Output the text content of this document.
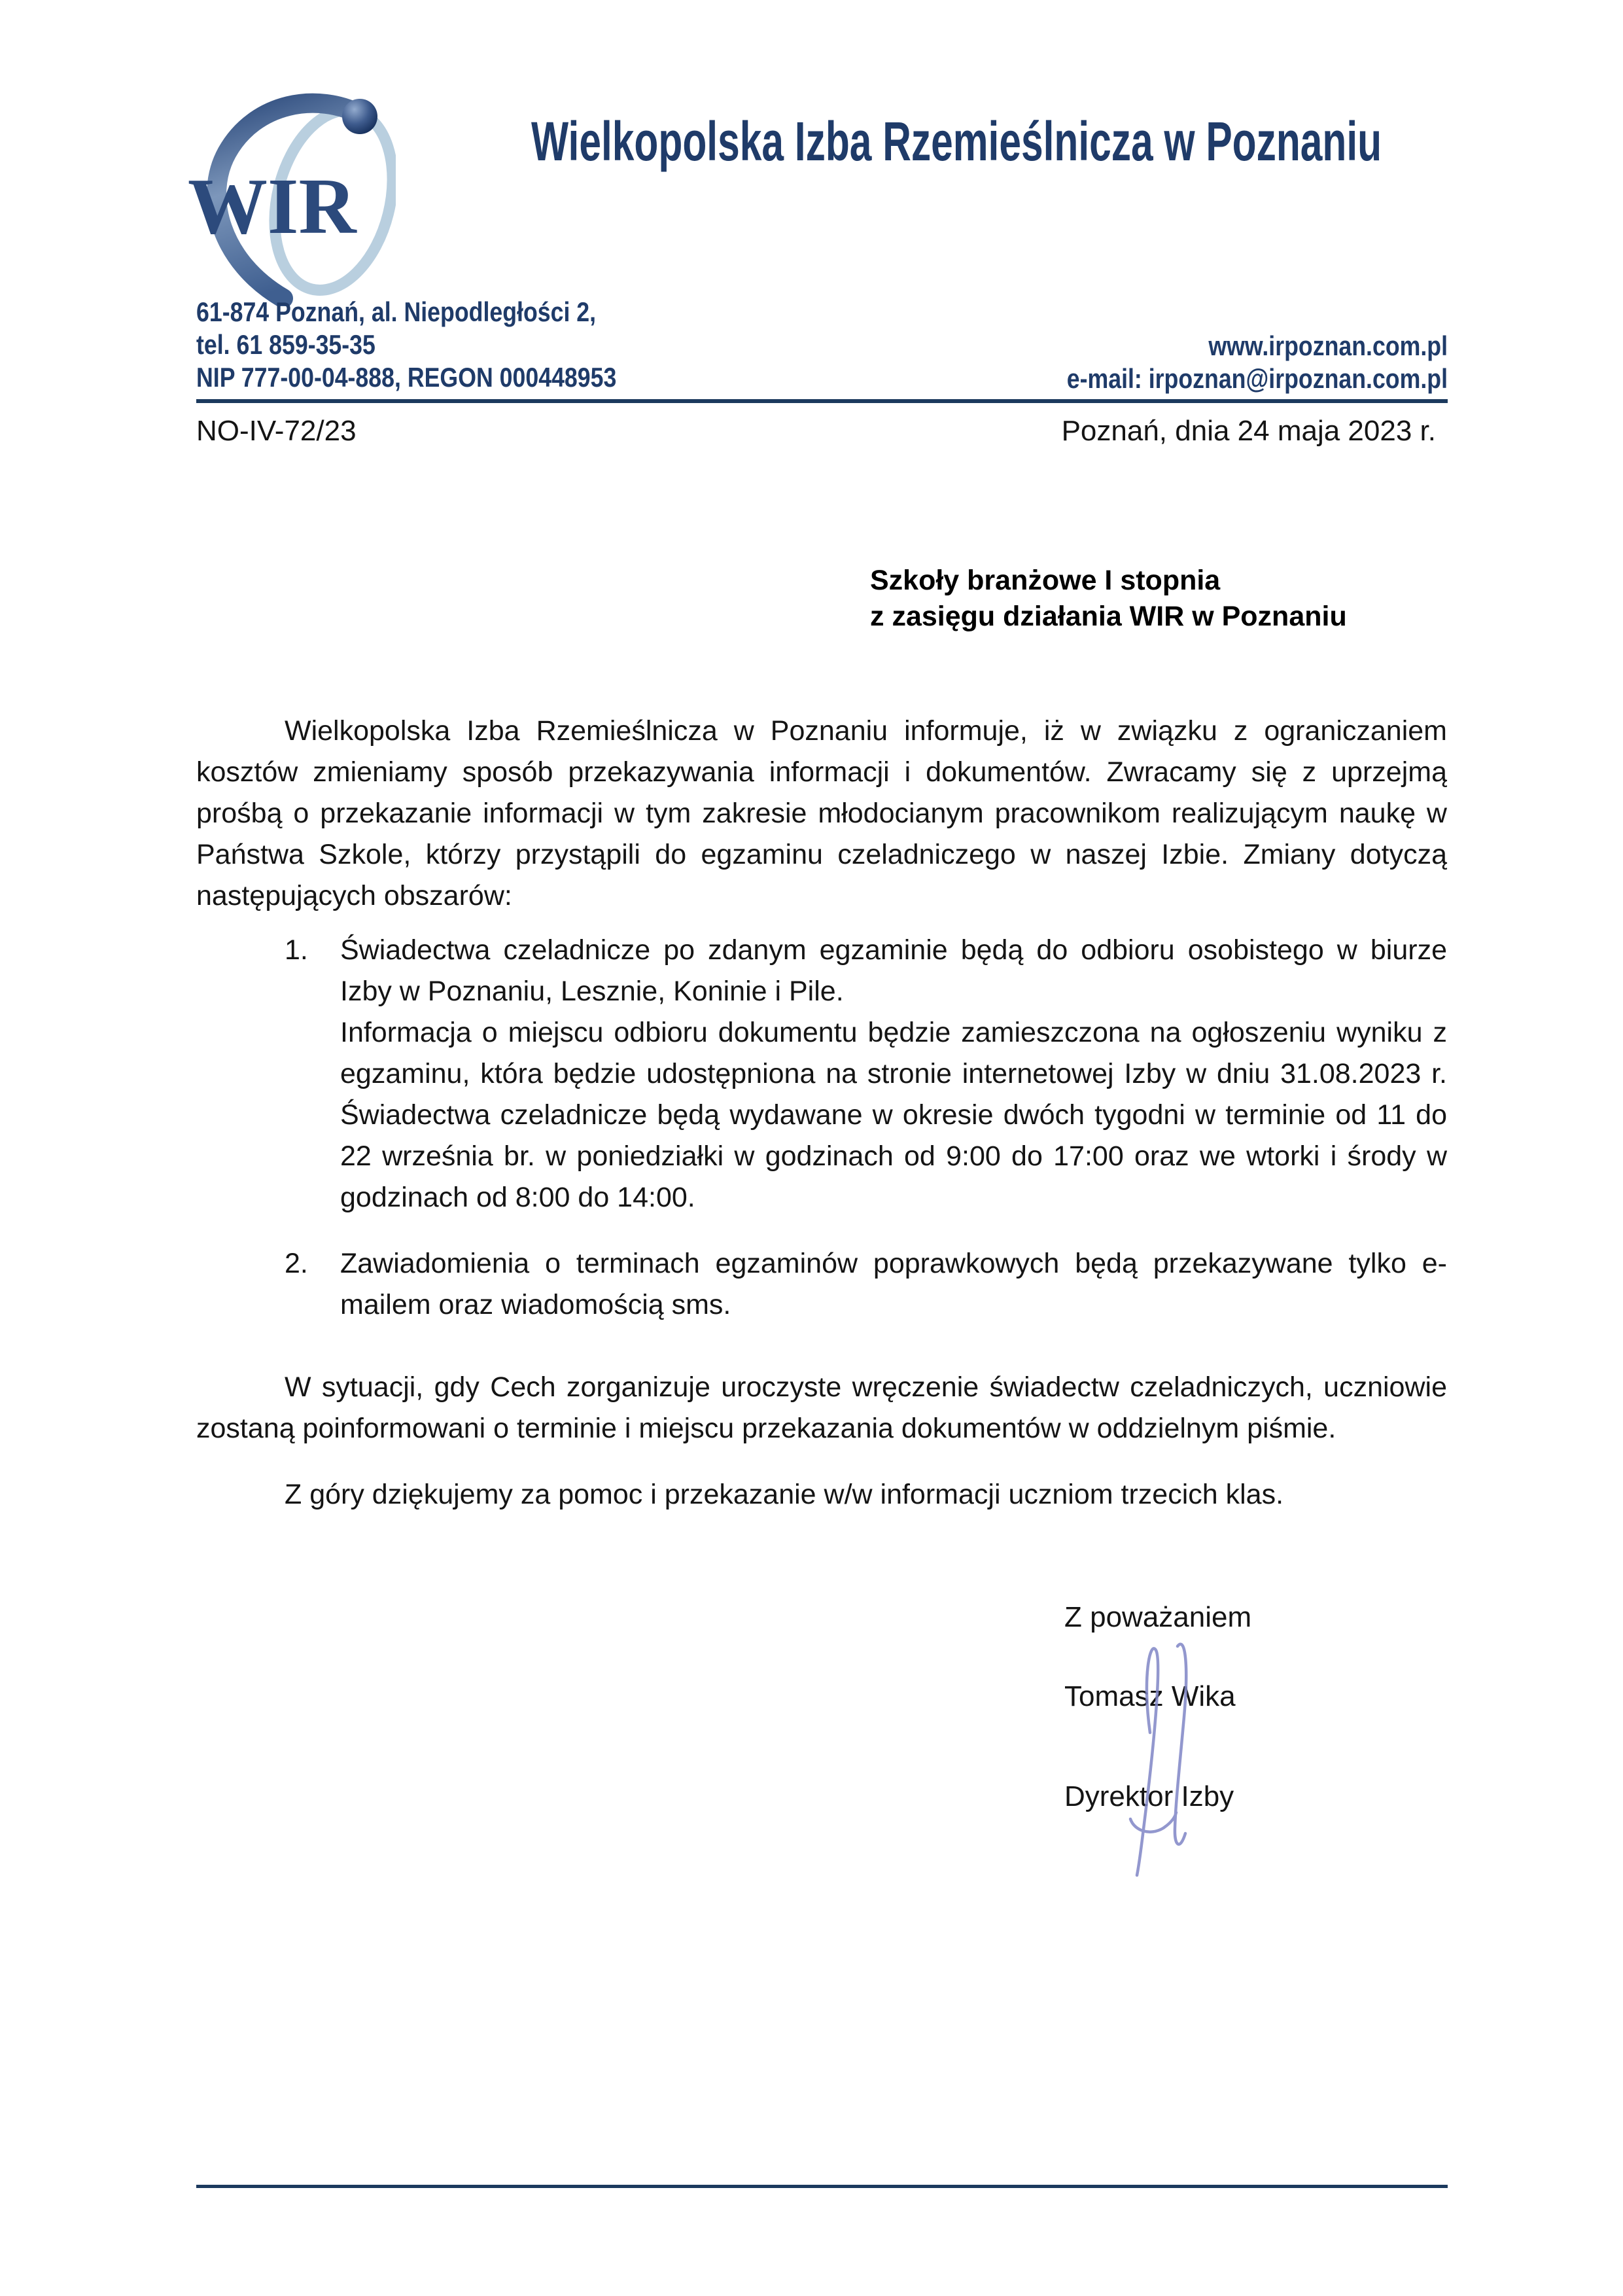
WIR
Wielkopolska Izba Rzemieślnicza w Poznaniu
61-874 Poznań, al. Niepodległości 2,
tel. 61 859-35-35
NIP 777-00-04-888, REGON 000448953
www.irpoznan.com.pl
e-mail: irpoznan@irpoznan.com.pl
NO-IV-72/23	Poznań, dnia 24 maja 2023 r.
Szkoły branżowe I stopnia
z zasięgu działania WIR w Poznaniu

Wielkopolska Izba Rzemieślnicza w Poznaniu informuje, iż w związku z ograniczaniem kosztów zmieniamy sposób przekazywania informacji i dokumentów. Zwracamy się z uprzejmą prośbą o przekazanie informacji w tym zakresie młodocianym pracownikom realizującym naukę w Państwa Szkole, którzy przystąpili do egzaminu czeladniczego w naszej Izbie. Zmiany dotyczą następujących obszarów:

1. Świadectwa czeladnicze po zdanym egzaminie będą do odbioru osobistego w biurze Izby w Poznaniu, Lesznie, Koninie i Pile.

Informacja o miejscu odbioru dokumentu będzie zamieszczona na ogłoszeniu wyniku z egzaminu, która będzie udostępniona na stronie internetowej Izby w dniu 31.08.2023 r. Świadectwa czeladnicze będą wydawane w okresie dwóch tygodni w terminie od 11 do 22 września br. w poniedziałki w godzinach od 9:00 do 17:00 oraz we wtorki i środy w godzinach od 8:00 do 14:00.

2. Zawiadomienia o terminach egzaminów poprawkowych będą przekazywane tylko e-mailem oraz wiadomością sms.

W sytuacji, gdy Cech zorganizuje uroczyste wręczenie świadectw czeladniczych, uczniowie zostaną poinformowani o terminie i miejscu przekazania dokumentów w oddzielnym piśmie.

Z góry dziękujemy za pomoc i przekazanie w/w informacji uczniom trzecich klas.

Z poważaniem

Tomasz Wika

Dyrektor Izby
